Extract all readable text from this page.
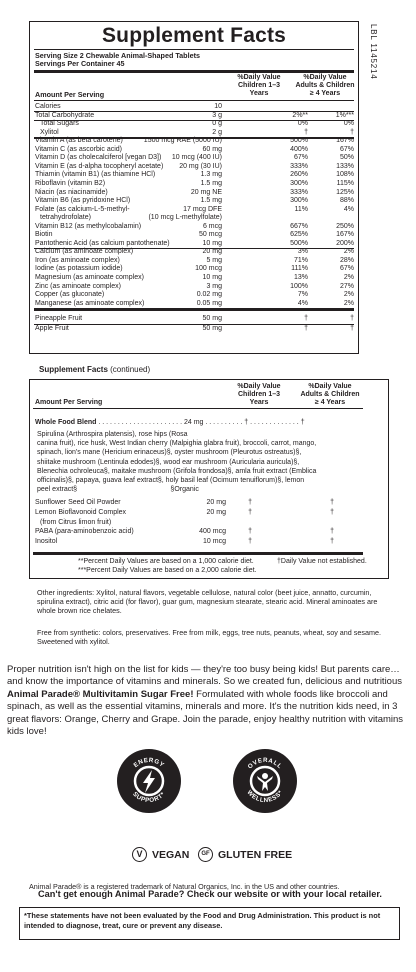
LBL 1145214
Supplement Facts
Serving Size 2 Chewable Animal-Shaped Tablets
Servings Per Container 45
%Daily Value
Children 1–3
Years
%Daily Value
Adults & Children
≥ 4 Years
Amount Per Serving
Calories	10
Total Carbohydrate	3 g	2%**	1%***
Total Sugars	0 g	0%	0%
Xylitol	2 g	†	†
Vitamin A (as beta carotene)	1500 mcg RAE (5000 IU)	500%	167%
Vitamin C (as ascorbic acid)	60 mg	400%	67%
Vitamin D (as cholecalciferol [vegan D3]) 10 mcg (400 IU)	67%	50%
Vitamin E (as d-alpha tocopheryl acetate) 20 mg (30 IU)	333%	133%
Thiamin (vitamin B1) (as thiamine HCl)	1.3 mg	260%	108%
Riboflavin (vitamin B2)	1.5 mg	300%	115%
Niacin (as niacinamide)	20 mg NE	333%	125%
Vitamin B6 (as pyridoxine HCl)	1.5 mg	300%	88%
Folate (as calcium-L-5-methyl-	17 mcg DFE	11%	4%
tetrahydrofolate)	(10 mcg L-methylfolate)
Vitamin B12 (as methylcobalamin)	6 mcg	667%	250%
Biotin	50 mcg	625%	167%
Pantothenic Acid (as calcium pantothenate)	10 mg	500%	200%
Calcium (as aminoate complex)	20 mg	3%	2%
Iron (as aminoate complex)	5 mg	71%	28%
Iodine (as potassium iodide)	100 mcg	111%	67%
Magnesium (as aminoate complex)	10 mg	13%	2%
Zinc (as aminoate complex)	3 mg	100%	27%
Copper (as gluconate)	0.02 mg	7%	2%
Manganese (as aminoate complex)	0.05 mg	4%	2%
Pineapple Fruit	50 mg	†	†
Apple Fruit	50 mg	†	†
Supplement Facts (continued)
%Daily Value
Children 1–3
Years
%Daily Value
Adults & Children
≥ 4 Years
Amount Per Serving
Whole Food Blend . . . . . . . . . . . . . . . . . . . . . . 24 mg . . . . . . . . . . † . . . . . . . . . . . . . †
Spirulina (Arthrospira platensis), rose hips (Rosa
canina fruit), rice husk, West Indian cherry (Malpighia glabra fruit), broccoli, carrot, mango,
spinach, lion's mane (Hericium erinaceus)§, oyster mushroom (Pleurotus ostreatus)§,
shiitake mushroom (Lentinula edodes)§, wood ear mushroom (Auricularia auricula)§,
Blenechia ochroleuca§, maitake mushroom (Grifola frondosa)§, amla fruit extract (Emblica
officinalis)§, papaya, guava leaf extract§, holy basil leaf (Ocimum tenuiflorum)§, lemon
peel extract§                                                §Organic
Sunflower Seed Oil Powder	20 mg	†	†
Lemon Bioflavonoid Complex	20 mg	†	†
(from Citrus limon fruit)
PABA (para-aminobenzoic acid)	400 mcg	†	†
Inositol	10 mcg	†	†
**Percent Daily Values are based on a 1,000 calorie diet.	†Daily Value not established.
***Percent Daily Values are based on a 2,000 calorie diet.
Other ingredients: Xylitol, natural flavors, vegetable cellulose, natural color (beet juice, annatto, curcumin, spirulina extract), citric acid (for flavor), guar gum, magnesium stearate, stearic acid. Mineral aminoates are whole brown rice chelates.
Free from synthetic: colors, preservatives. Free from milk, eggs, tree nuts, peanuts, wheat, soy and sesame. Sweetened with xylitol.
Proper nutrition isn't high on the list for kids — they're too busy being kids! But parents care… and know the importance of vitamins and minerals. So we created fun, delicious and nutritious Animal Parade® Multivitamin Sugar Free! Formulated with whole foods like broccoli and spinach, as well as the essential vitamins, minerals and more. It's the nutrition kids need, in 3 great flavors: Orange, Cherry and Grape. Join the parade, enjoy healthy nutrition with vitamins kids love!
ENERGY
SUPPORT*
OVERALL
WELLNESS*
V VEGAN	GF GLUTEN FREE
Animal Parade® is a registered trademark of Natural Organics, Inc. in the US and other countries.
Can't get enough Animal Parade? Check our website or with your local retailer.
*These statements have not been evaluated by the Food and Drug Administration. This product is not intended to diagnose, treat, cure or prevent any disease.
